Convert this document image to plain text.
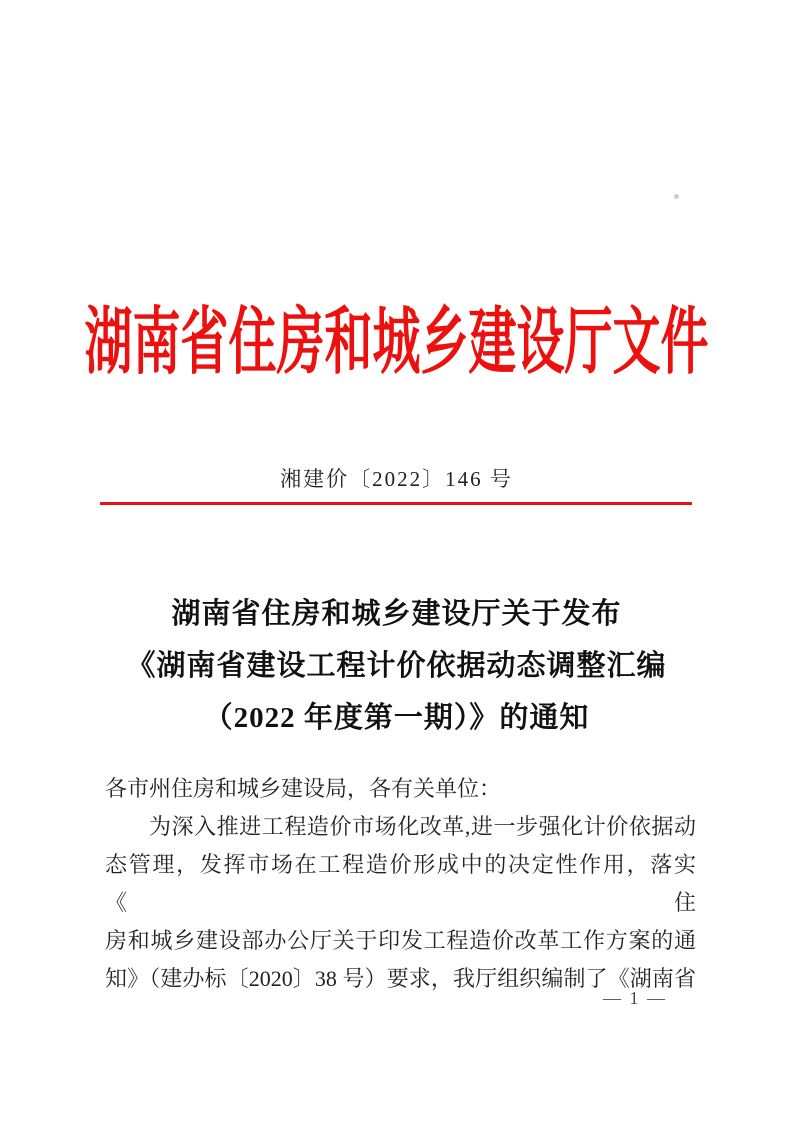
湖南省住房和城乡建设厅文件
湘建价〔2022〕146 号
湖南省住房和城乡建设厅关于发布
《湖南省建设工程计价依据动态调整汇编
（2022 年度第一期）》的通知
各市州住房和城乡建设局，各有关单位：
为深入推进工程造价市场化改革,进一步强化计价依据动
态管理，发挥市场在工程造价形成中的决定性作用，落实《住
房和城乡建设部办公厅关于印发工程造价改革工作方案的通
知》（建办标〔2020〕38 号）要求，我厅组织编制了《湖南省
— 1 —
